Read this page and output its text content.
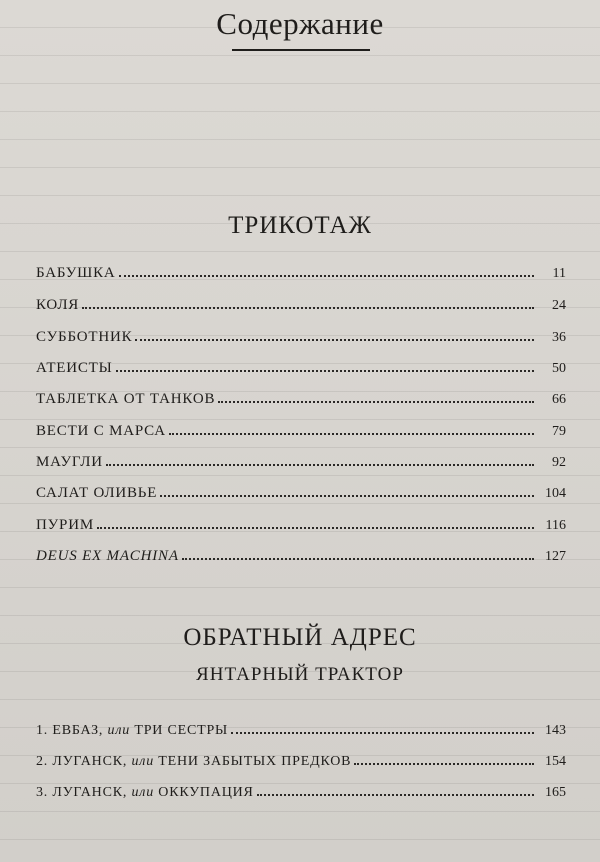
Содержание
ТРИКОТАЖ
БАБУШКА	11
КОЛЯ	24
СУББОТНИК	36
АТЕИСТЫ	50
ТАБЛЕТКА ОТ ТАНКОВ	66
ВЕСТИ С МАРСА	79
МАУГЛИ	92
САЛАТ ОЛИВЬЕ	104
ПУРИМ	116
DEUS EX MACHINA	127
ОБРАТНЫЙ АДРЕС
ЯНТАРНЫЙ ТРАКТОР
1. ЕВБАЗ, или ТРИ СЕСТРЫ	143
2. ЛУГАНСК, или ТЕНИ ЗАБЫТЫХ ПРЕДКОВ	154
3. ЛУГАНСК, или ОККУПАЦИЯ	165
